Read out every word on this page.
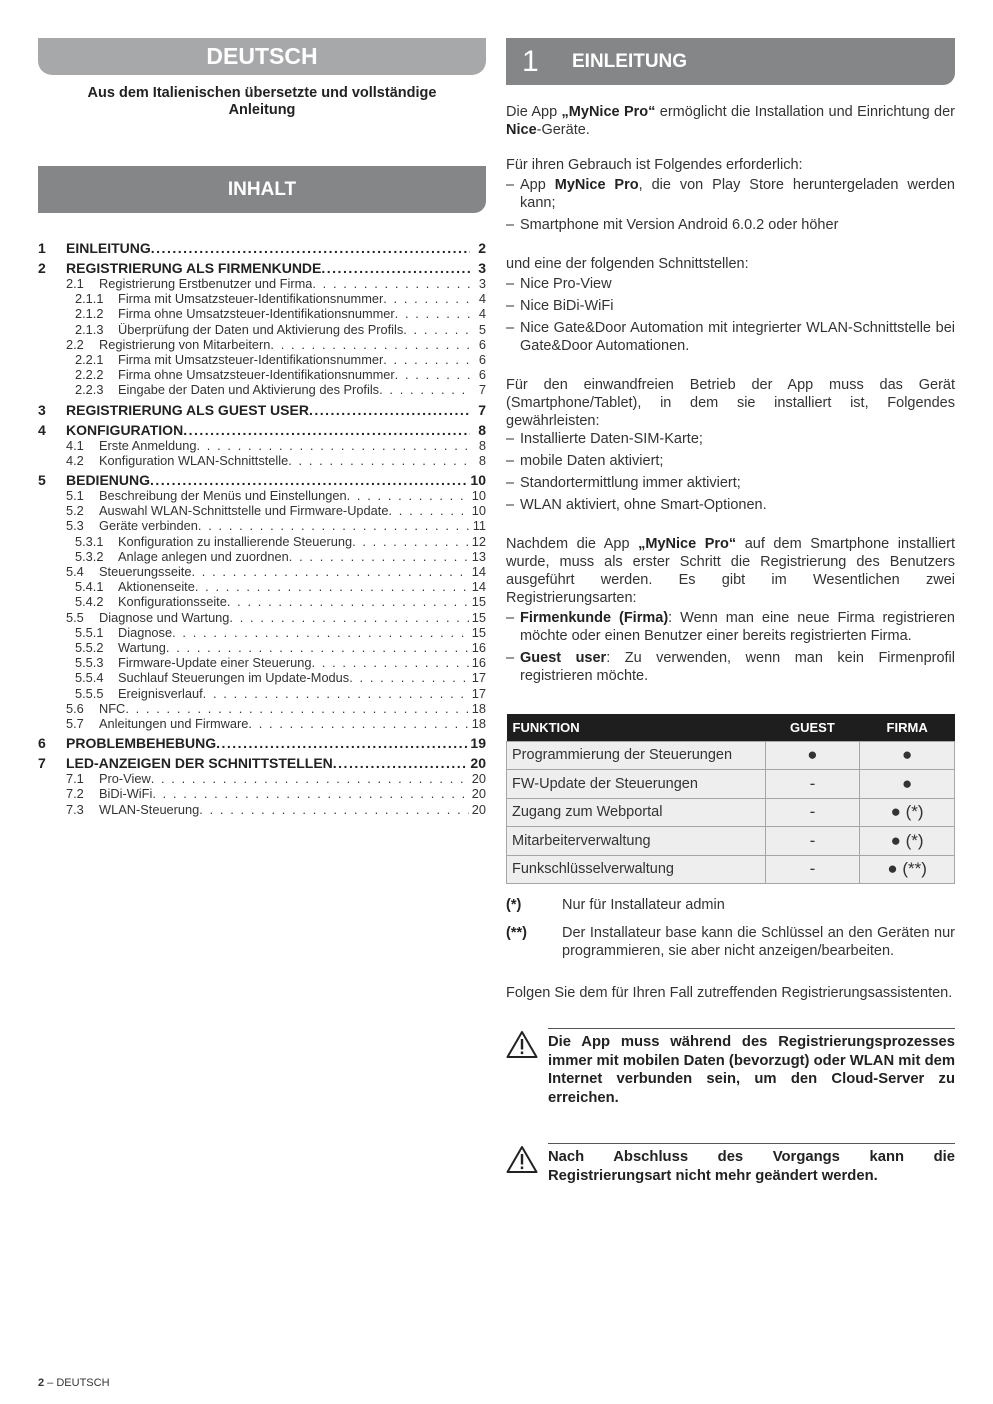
DEUTSCH
Aus dem Italienischen übersetzte und vollständige Anleitung
INHALT
1	EINLEITUNG .....	2
2	REGISTRIERUNG ALS FIRMENKUNDE .....	3
2.1	Registrierung Erstbenutzer und Firma . . .	3
2.1.1	Firma mit Umsatzsteuer-Identifikationsnummer . . .	4
2.1.2	Firma ohne Umsatzsteuer-Identifikationsnummer . . .	4
2.1.3	Überprüfung der Daten und Aktivierung des Profils . . .	5
2.2	Registrierung von Mitarbeitern . . .	6
2.2.1	Firma mit Umsatzsteuer-Identifikationsnummer . . .	6
2.2.2	Firma ohne Umsatzsteuer-Identifikationsnummer . . .	6
2.2.3	Eingabe der Daten und Aktivierung des Profils . . .	7
3	REGISTRIERUNG ALS GUEST USER .....	7
4	KONFIGURATION .....	8
4.1	Erste Anmeldung . . .	8
4.2	Konfiguration WLAN-Schnittstelle . . .	8
5	BEDIENUNG .....	10
5.1	Beschreibung der Menüs und Einstellungen . . .	10
5.2	Auswahl WLAN-Schnittstelle und Firmware-Update . . .	10
5.3	Geräte verbinden . . .	11
5.3.1	Konfiguration zu installierende Steuerung . . .	12
5.3.2	Anlage anlegen und zuordnen . . .	13
5.4	Steuerungsseite . . .	14
5.4.1	Aktionenseite . . .	14
5.4.2	Konfigurationsseite . . .	15
5.5	Diagnose und Wartung . . .	15
5.5.1	Diagnose . . .	15
5.5.2	Wartung . . .	16
5.5.3	Firmware-Update einer Steuerung . . .	16
5.5.4	Suchlauf Steuerungen im Update-Modus . . .	17
5.5.5	Ereignisverlauf . . .	17
5.6	NFC . . .	18
5.7	Anleitungen und Firmware . . .	18
6	PROBLEMBEHEBUNG .....	19
7	LED-ANZEIGEN DER SCHNITTSTELLEN .....	20
7.1	Pro-View . . .	20
7.2	BiDi-WiFi . . .	20
7.3	WLAN-Steuerung . . .	20
1	EINLEITUNG

Die App „MyNice Pro“ ermöglicht die Installation und Einrichtung der Nice-Geräte.

Für ihren Gebrauch ist Folgendes erforderlich:

– App MyNice Pro, die von Play Store heruntergeladen werden kann;
– Smartphone mit Version Android 6.0.2 oder höher

und eine der folgenden Schnittstellen:

– Nice Pro-View
– Nice BiDi-WiFi
– Nice Gate&Door Automation mit integrierter WLAN-Schnittstelle bei Gate&Door Automationen.

Für den einwandfreien Betrieb der App muss das Gerät (Smartphone/Tablet), in dem sie installiert ist, Folgendes gewährleisten:

– Installierte Daten-SIM-Karte;
– mobile Daten aktiviert;
– Standortermittlung immer aktiviert;
– WLAN aktiviert, ohne Smart-Optionen.

Nachdem die App „MyNice Pro“ auf dem Smartphone installiert wurde, muss als erster Schritt die Registrierung des Benutzers ausgeführt werden. Es gibt im Wesentlichen zwei Registrierungsarten:

– Firmenkunde (Firma): Wenn man eine neue Firma registrieren möchte oder einen Benutzer einer bereits registrierten Firma.
– Guest user: Zu verwenden, wenn man kein Firmenprofil registrieren möchte.
FUNKTION	GUEST	FIRMA
Programmierung der Steuerungen	●	●
FW-Update der Steuerungen	-	●
Zugang zum Webportal	-	● (*)
Mitarbeiterverwaltung	-	● (*)
Funkschlüsselverwaltung	-	● (**)
(*)	Nur für Installateur admin
(**)	Der Installateur base kann die Schlüssel an den Geräten nur programmieren, sie aber nicht anzeigen/bearbeiten.

Folgen Sie dem für Ihren Fall zutreffenden Registrierungsassistenten.

Die App muss während des Registrierungsprozesses immer mit mobilen Daten (bevorzugt) oder WLAN mit dem Internet verbunden sein, um den Cloud-Server zu erreichen.
Nach Abschluss des Vorgangs kann die Registrierungsart nicht mehr geändert werden.
2 – DEUTSCH
